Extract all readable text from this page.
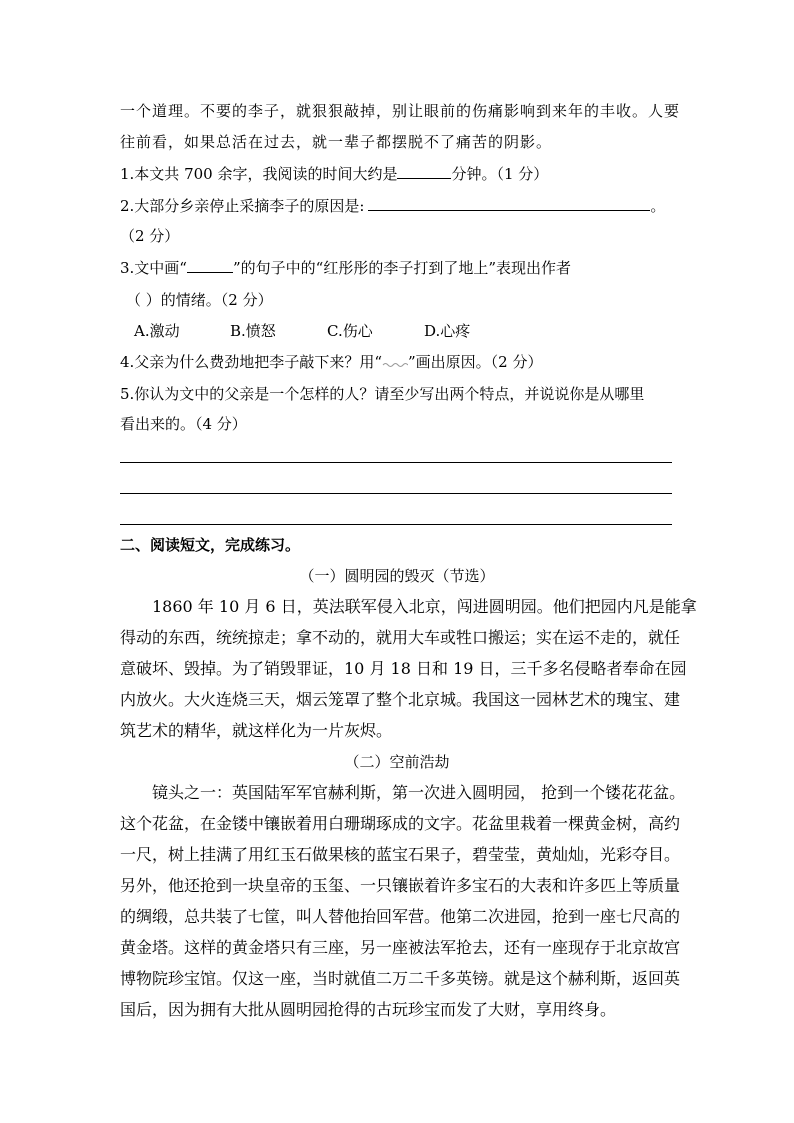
一个道理。不要的李子，就狠狠敲掉，别让眼前的伤痛影响到来年的丰收。人要
往前看，如果总活在过去，就一辈子都摆脱不了痛苦的阴影。
1.本文共 700 余字，我阅读的时间大约是	分钟。（1 分）
2.大部分乡亲停止采摘李子的原因是:	。
（2 分）
3.文中画“	”的句子中的“红彤彤的李子打到了地上”表现出作者
（ ）的情绪。（2 分）
A.激动	B.愤怒	C.伤心	D.心疼
4.父亲为什么费劲地把李子敲下来？用“ ”画出原因。（2 分）
5.你认为文中的父亲是一个怎样的人？请至少写出两个特点，并说说你是从哪里
看出来的。（4 分）
二、阅读短文，完成练习。
（一）圆明园的毁灭（节选）
1860 年 10 月 6 日，英法联军侵入北京，闯进圆明园。他们把园内凡是能拿
得动的东西，统统掠走；拿不动的，就用大车或牲口搬运；实在运不走的，就任
意破坏、毁掉。为了销毁罪证，10 月 18 日和 19 日，三千多名侵略者奉命在园
内放火。大火连烧三天，烟云笼罩了整个北京城。我国这一园林艺术的瑰宝、建
筑艺术的精华，就这样化为一片灰烬。
（二）空前浩劫
镜头之一：英国陆军军官赫利斯，第一次进入圆明园， 抢到一个镂花花盆。
这个花盆，在金镂中镶嵌着用白珊瑚琢成的文字。花盆里栽着一棵黄金树，高约
一尺，树上挂满了用红玉石做果核的蓝宝石果子，碧莹莹，黄灿灿，光彩夺目。
另外，他还抢到一块皇帝的玉玺、一只镶嵌着许多宝石的大表和许多匹上等质量
的绸缎，总共装了七筐，叫人替他抬回军营。他第二次进园，抢到一座七尺高的
黄金塔。这样的黄金塔只有三座，另一座被法军抢去，还有一座现存于北京故宫
博物院珍宝馆。仅这一座，当时就值二万二千多英镑。就是这个赫利斯，返回英
国后，因为拥有大批从圆明园抢得的古玩珍宝而发了大财，享用终身。
